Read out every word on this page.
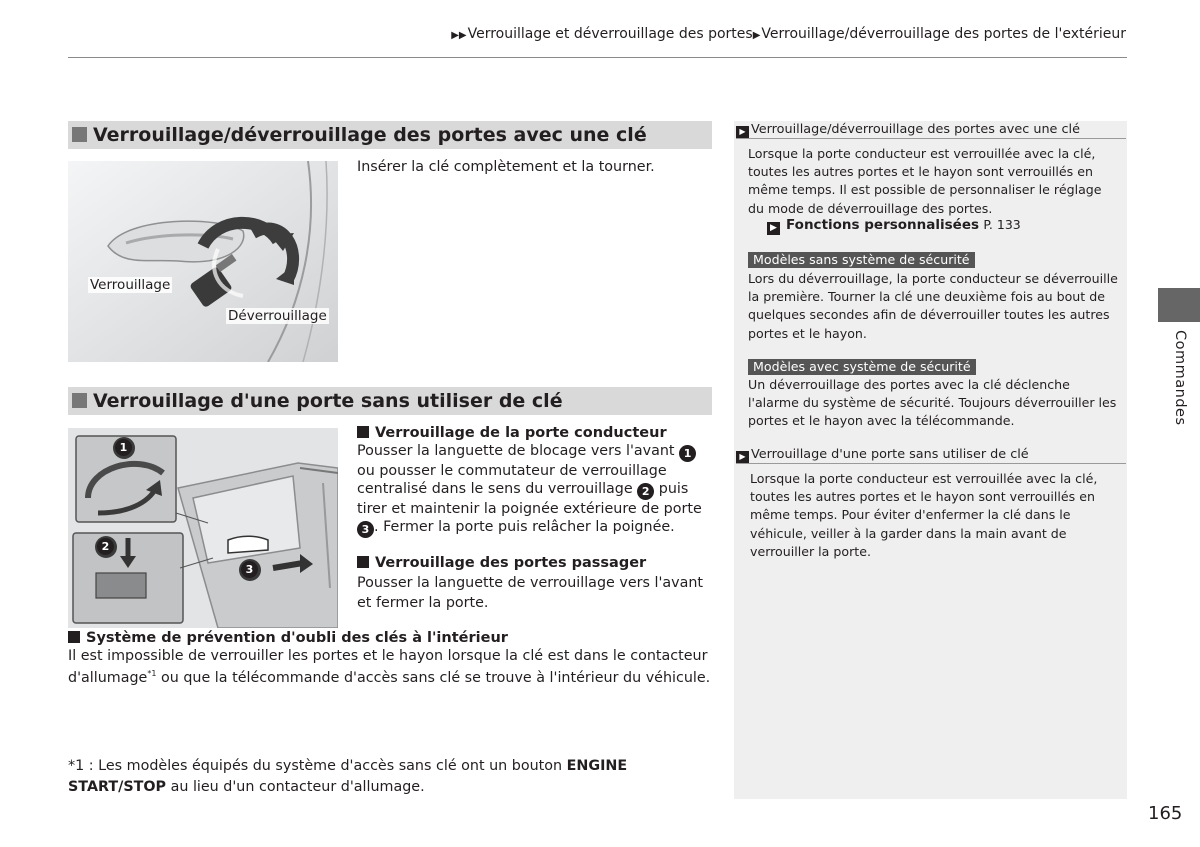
▶▶Verrouillage et déverrouillage des portes▶Verrouillage/déverrouillage des portes de l'extérieur
Verrouillage/déverrouillage des portes avec une clé
Verrouillage
Déverrouillage
Insérer la clé complètement et la tourner.
Verrouillage d'une porte sans utiliser de clé
1
2
3
Verrouillage de la porte conducteur
Pousser la languette de blocage vers l'avant 1 ou pousser le commutateur de verrouillage centralisé dans le sens du verrouillage 2 puis tirer et maintenir la poignée extérieure de porte 3 . Fermer la porte puis relâcher la poignée.
Verrouillage des portes passager
Pousser la languette de verrouillage vers l'avant et fermer la porte.
Système de prévention d'oubli des clés à l'intérieur
Il est impossible de verrouiller les portes et le hayon lorsque la clé est dans le contacteur d'allumage$^{*1}$ ou que la télécommande d'accès sans clé se trouve à l'intérieur du véhicule.
*1 : Les modèles équipés du système d'accès sans clé ont un bouton ENGINE START/STOP au lieu d'un contacteur d'allumage.
▶ Verrouillage/déverrouillage des portes avec une clé
Lorsque la porte conducteur est verrouillée avec la clé, toutes les autres portes et le hayon sont verrouillés en même temps. Il est possible de personnaliser le réglage du mode de déverrouillage des portes.
▶ Fonctions personnalisées P. 133
Modèles sans système de sécurité
Lors du déverrouillage, la porte conducteur se déverrouille la première. Tourner la clé une deuxième fois au bout de quelques secondes afin de déverrouiller toutes les autres portes et le hayon.
Modèles avec système de sécurité
Un déverrouillage des portes avec la clé déclenche l'alarme du système de sécurité. Toujours déverrouiller les portes et le hayon avec la télécommande.
▶ Verrouillage d'une porte sans utiliser de clé
Lorsque la porte conducteur est verrouillée avec la clé, toutes les autres portes et le hayon sont verrouillés en même temps. Pour éviter d'enfermer la clé dans le véhicule, veiller à la garder dans la main avant de verrouiller la porte.
Commandes
165
